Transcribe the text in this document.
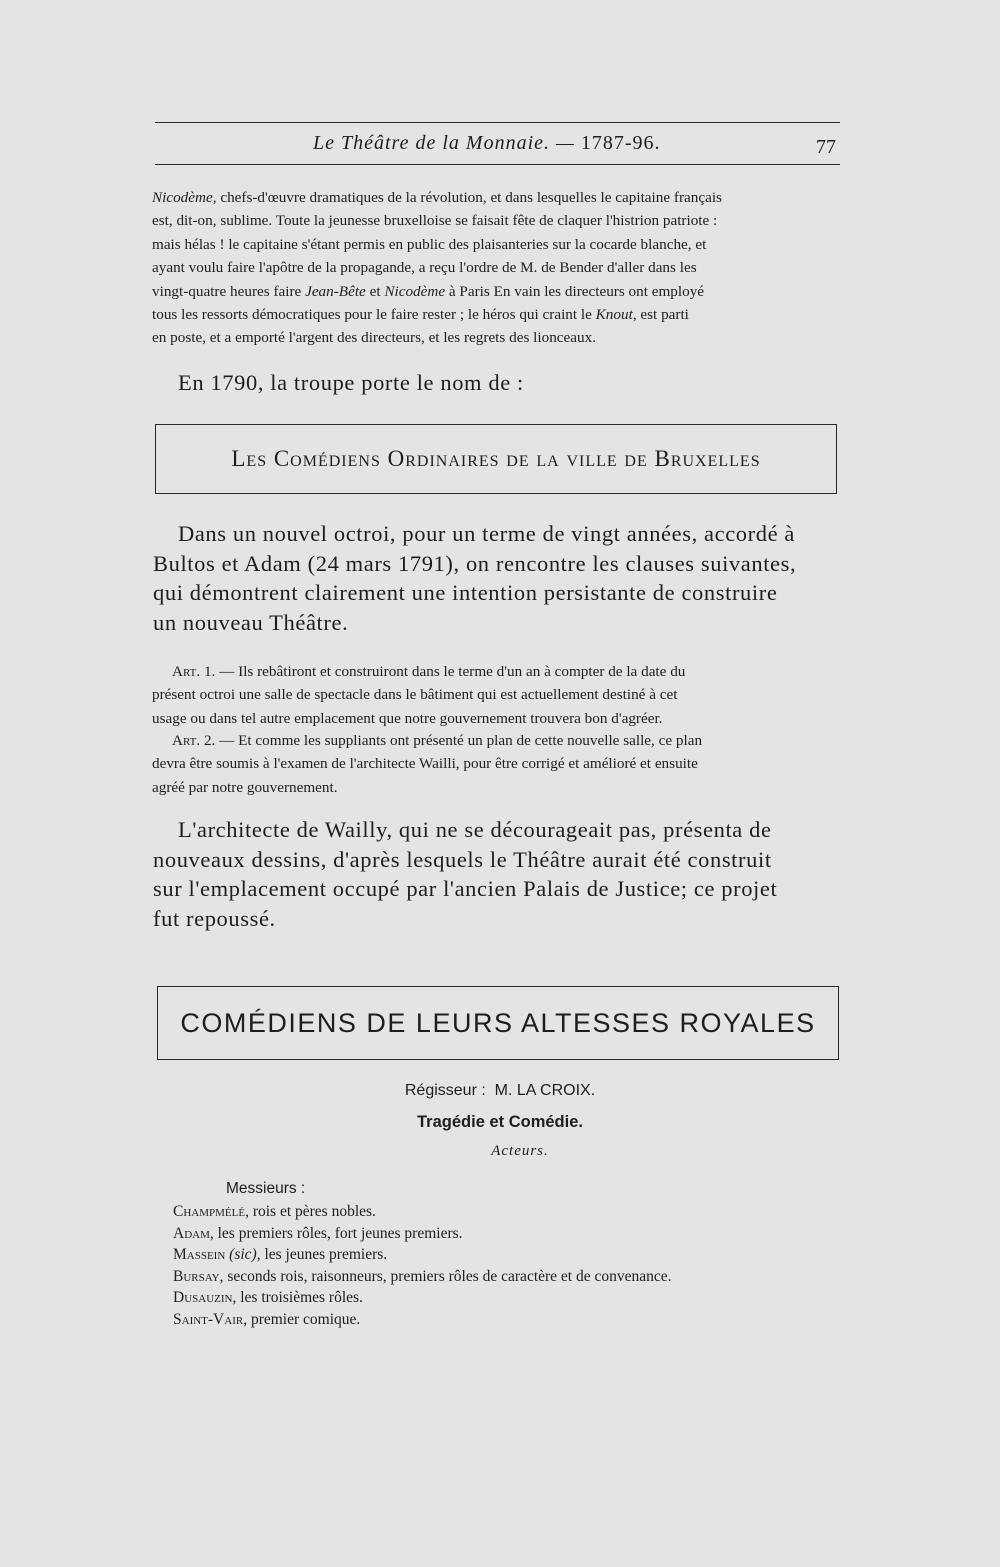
Le Théâtre de la Monnaie. — 1787-96.	77

Nicodème, chefs-d'œuvre dramatiques de la révolution, et dans lesquelles le capitaine français

est, dit-on, sublime. Toute la jeunesse bruxelloise se faisait fête de claquer l'histrion patriote :

mais hélas ! le capitaine s'étant permis en public des plaisanteries sur la cocarde blanche, et

ayant voulu faire l'apôtre de la propagande, a reçu l'ordre de M. de Bender d'aller dans les

vingt-quatre heures faire Jean-Bête et Nicodème à Paris En vain les directeurs ont employé

tous les ressorts démocratiques pour le faire rester ; le héros qui craint le Knout, est parti

en poste, et a emporté l'argent des directeurs, et les regrets des lionceaux.

En 1790, la troupe porte le nom de :

Les Comédiens Ordinaires de la ville de Bruxelles

Dans un nouvel octroi, pour un terme de vingt années, accordé à

Bultos et Adam (24 mars 1791), on rencontre les clauses suivantes,

qui démontrent clairement une intention persistante de construire

un nouveau Théâtre.

Art. 1. — Ils rebâtiront et construiront dans le terme d'un an à compter de la date du

présent octroi une salle de spectacle dans le bâtiment qui est actuellement destiné à cet

usage ou dans tel autre emplacement que notre gouvernement trouvera bon d'agréer.

Art. 2. — Et comme les suppliants ont présenté un plan de cette nouvelle salle, ce plan

devra être soumis à l'examen de l'architecte Wailli, pour être corrigé et amélioré et ensuite

agréé par notre gouvernement.

L'architecte de Wailly, qui ne se décourageait pas, présenta de

nouveaux dessins, d'après lesquels le Théâtre aurait été construit

sur l'emplacement occupé par l'ancien Palais de Justice; ce projet

fut repoussé.

COMÉDIENS DE LEURS ALTESSES ROYALES
Régisseur : M. LA CROIX.
Tragédie et Comédie.
Acteurs.
Messieurs :
Champmélé, rois et pères nobles.
Adam, les premiers rôles, fort jeunes premiers.
Massein (sic), les jeunes premiers.
Bursay, seconds rois, raisonneurs, premiers rôles de caractère et de convenance.
Dusauzin, les troisièmes rôles.
Saint-Vair, premier comique.
